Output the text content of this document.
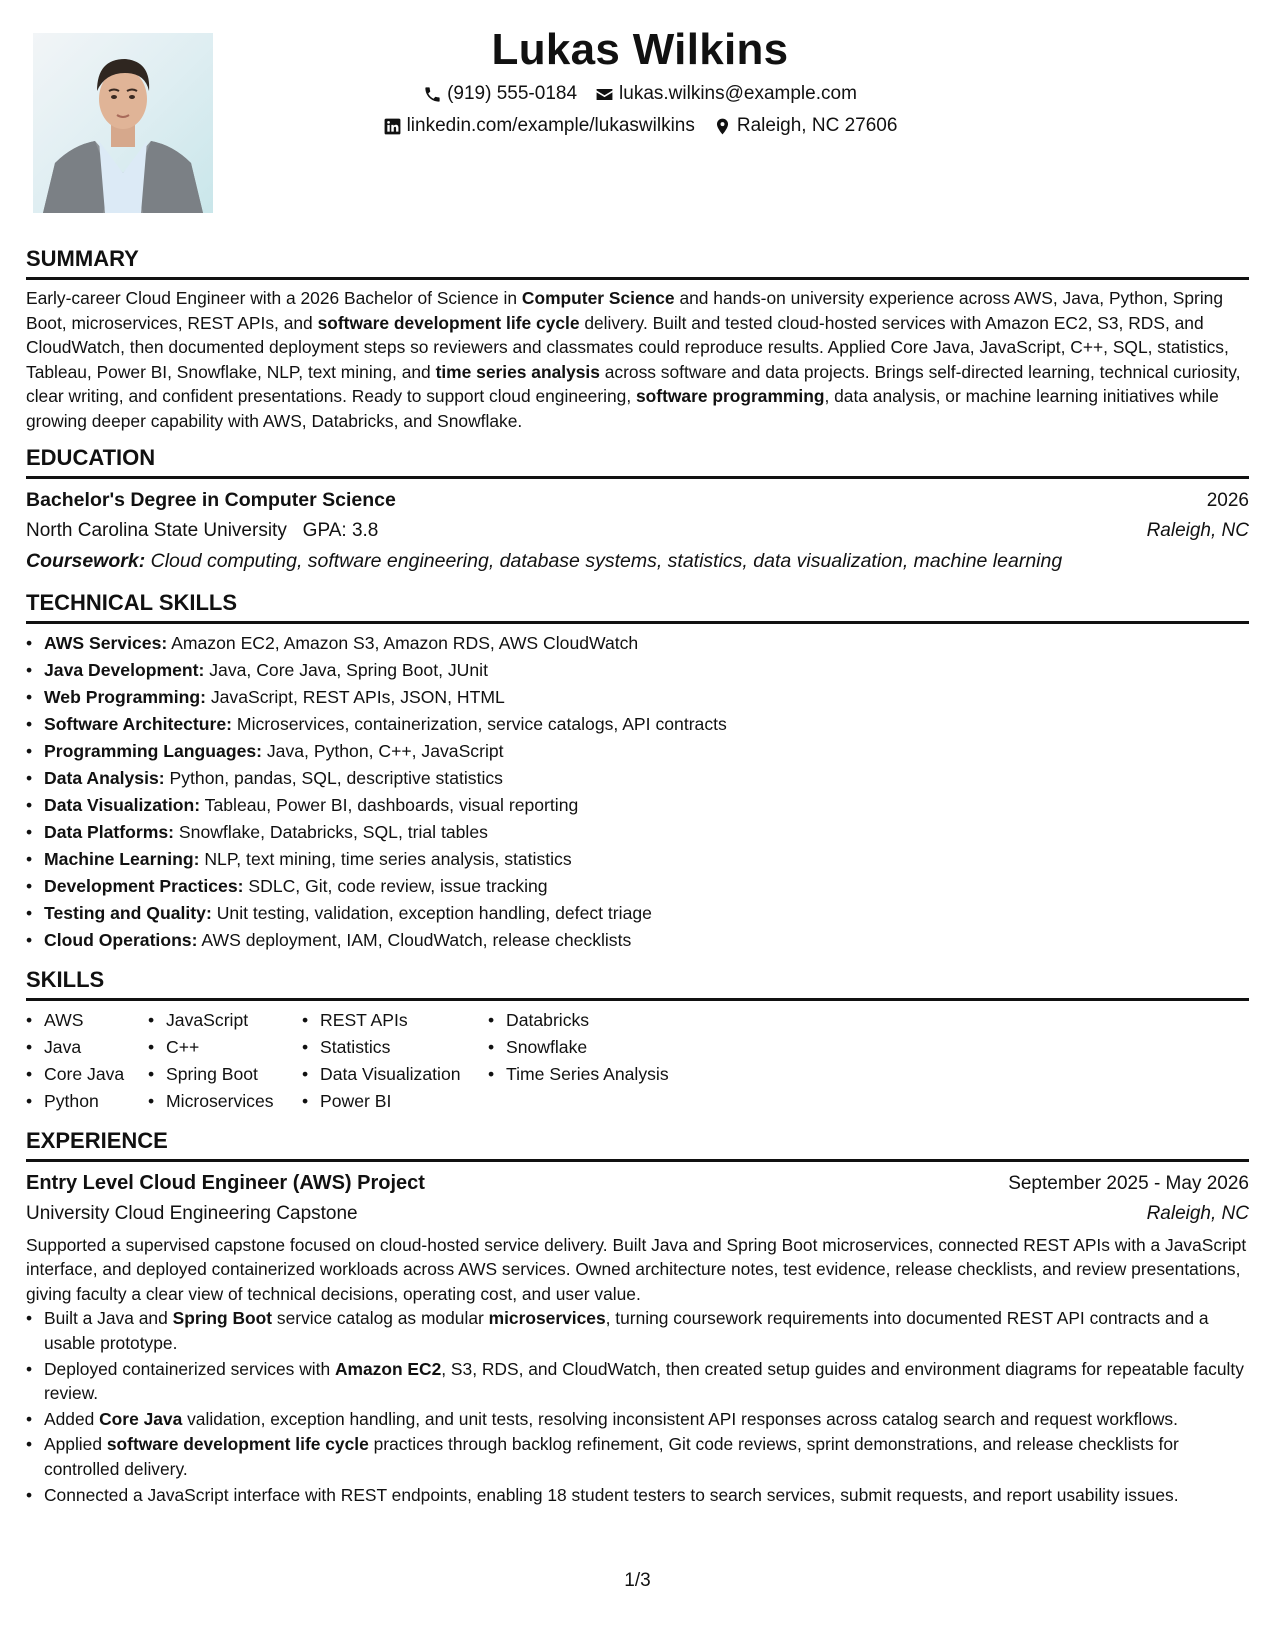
Lukas Wilkins
(919) 555-0184 lukas.wilkins@example.com
linkedin.com/example/lukaswilkins Raleigh, NC 27606
SUMMARY

Early-career Cloud Engineer with a 2026 Bachelor of Science in Computer Science and hands-on university experience across AWS, Java, Python, Spring Boot, microservices, REST APIs, and software development life cycle delivery. Built and tested cloud-hosted services with Amazon EC2, S3, RDS, and CloudWatch, then documented deployment steps so reviewers and classmates could reproduce results. Applied Core Java, JavaScript, C++, SQL, statistics, Tableau, Power BI, Snowflake, NLP, text mining, and time series analysis across software and data projects. Brings self-directed learning, technical curiosity, clear writing, and confident presentations. Ready to support cloud engineering, software programming, data analysis, or machine learning initiatives while growing deeper capability with AWS, Databricks, and Snowflake.

EDUCATION
Bachelor's Degree in Computer Science	2026
North Carolina State University GPA: 3.8	Raleigh, NC
Coursework: Cloud computing, software engineering, database systems, statistics, data visualization, machine learning
TECHNICAL SKILLS
• AWS Services: Amazon EC2, Amazon S3, Amazon RDS, AWS CloudWatch
• Java Development: Java, Core Java, Spring Boot, JUnit
• Web Programming: JavaScript, REST APIs, JSON, HTML
• Software Architecture: Microservices, containerization, service catalogs, API contracts
• Programming Languages: Java, Python, C++, JavaScript
• Data Analysis: Python, pandas, SQL, descriptive statistics
• Data Visualization: Tableau, Power BI, dashboards, visual reporting
• Data Platforms: Snowflake, Databricks, SQL, trial tables
• Machine Learning: NLP, text mining, time series analysis, statistics
• Development Practices: SDLC, Git, code review, issue tracking
• Testing and Quality: Unit testing, validation, exception handling, defect triage
• Cloud Operations: AWS deployment, IAM, CloudWatch, release checklists
SKILLS
• AWS
• Java
• Core Java
• Python
• JavaScript
• C++
• Spring Boot
• Microservices
• REST APIs
• Statistics
• Data Visualization
• Power BI
• Databricks
• Snowflake
• Time Series Analysis
EXPERIENCE
Entry Level Cloud Engineer (AWS) Project	September 2025 - May 2026
University Cloud Engineering Capstone	Raleigh, NC

Supported a supervised capstone focused on cloud-hosted service delivery. Built Java and Spring Boot microservices, connected REST APIs with a JavaScript interface, and deployed containerized workloads across AWS services. Owned architecture notes, test evidence, release checklists, and review presentations, giving faculty a clear view of technical decisions, operating cost, and user value.

• Built a Java and Spring Boot service catalog as modular microservices, turning coursework requirements into documented REST API contracts and a usable prototype.
• Deployed containerized services with Amazon EC2, S3, RDS, and CloudWatch, then created setup guides and environment diagrams for repeatable faculty review.
• Added Core Java validation, exception handling, and unit tests, resolving inconsistent API responses across catalog search and request workflows.
• Applied software development life cycle practices through backlog refinement, Git code reviews, sprint demonstrations, and release checklists for controlled delivery.
• Connected a JavaScript interface with REST endpoints, enabling 18 student testers to search services, submit requests, and report usability issues.
1/3
